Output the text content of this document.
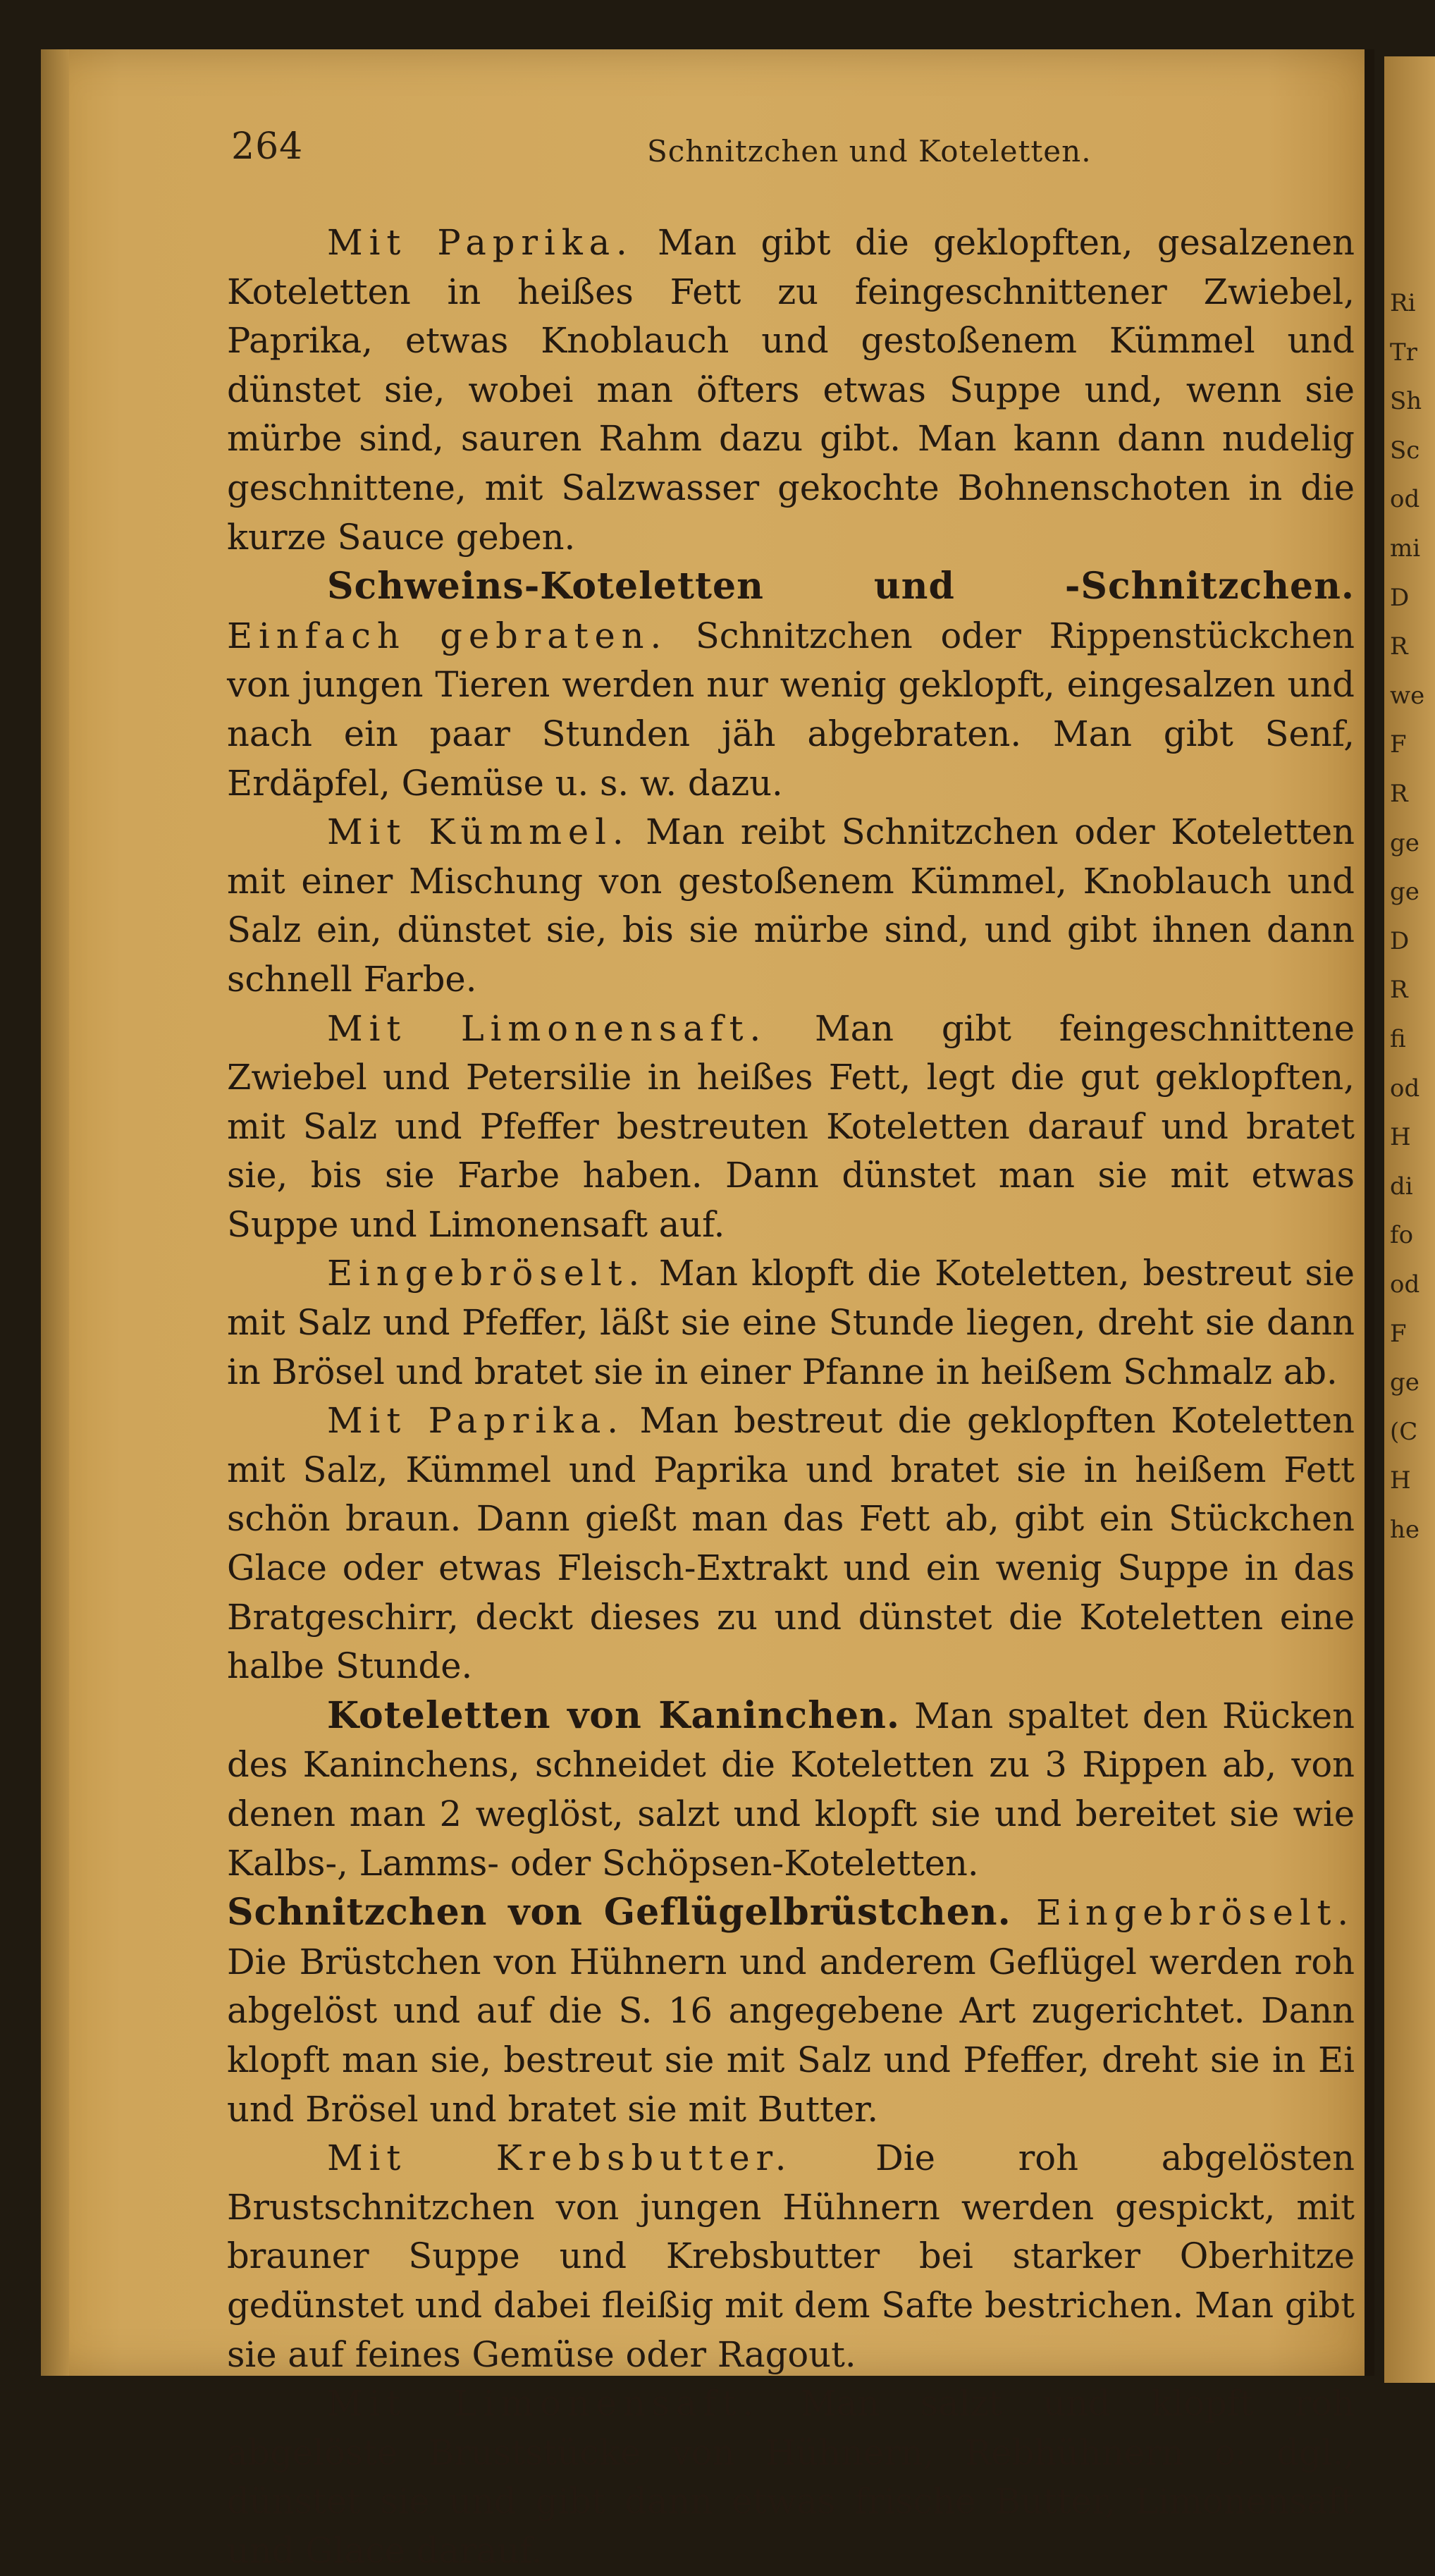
Ri
Tr
Sh
Sc
od
mi
D
R
we
F
R
ge
ge
D
R
fi
od
H
di
fo
od
F
ge
(C
H
he
264	Schnitzchen und Koteletten.

Mit Paprika. Man gibt die geklopften, gesalzenen Koteletten in heißes Fett zu feingeschnittener Zwiebel, Paprika, etwas Knoblauch und gestoßenem Kümmel und dünstet sie, wobei man öfters etwas Suppe und, wenn sie mürbe sind, sauren Rahm dazu gibt. Man kann dann nudelig geschnittene, mit Salzwasser gekochte Bohnenschoten in die kurze Sauce geben.

Schweins-Koteletten und -Schnitzchen. Einfach gebraten. Schnitzchen oder Rippenstückchen von jungen Tieren werden nur wenig geklopft, eingesalzen und nach ein paar Stunden jäh abgebraten. Man gibt Senf, Erdäpfel, Gemüse u. s. w. dazu.

Mit Kümmel. Man reibt Schnitzchen oder Koteletten mit einer Mischung von gestoßenem Kümmel, Knoblauch und Salz ein, dünstet sie, bis sie mürbe sind, und gibt ihnen dann schnell Farbe.

Mit Limonensaft. Man gibt feingeschnittene Zwiebel und Petersilie in heißes Fett, legt die gut geklopften, mit Salz und Pfeffer bestreuten Koteletten darauf und bratet sie, bis sie Farbe haben. Dann dünstet man sie mit etwas Suppe und Limonensaft auf.

Eingebröselt. Man klopft die Koteletten, bestreut sie mit Salz und Pfeffer, läßt sie eine Stunde liegen, dreht sie dann in Brösel und bratet sie in einer Pfanne in heißem Schmalz ab.

Mit Paprika. Man bestreut die geklopften Koteletten mit Salz, Kümmel und Paprika und bratet sie in heißem Fett schön braun. Dann gießt man das Fett ab, gibt ein Stückchen Glace oder etwas Fleisch-Extrakt und ein wenig Suppe in das Bratgeschirr, deckt dieses zu und dünstet die Koteletten eine halbe Stunde.

Koteletten von Kaninchen. Man spaltet den Rücken des Kaninchens, schneidet die Koteletten zu 3 Rippen ab, von denen man 2 weglöst, salzt und klopft sie und bereitet sie wie Kalbs-, Lamms- oder Schöpsen-Koteletten.

Schnitzchen von Geflügelbrüstchen. Eingebröselt. Die Brüstchen von Hühnern und anderem Geflügel werden roh abgelöst und auf die S. 16 angegebene Art zugerichtet. Dann klopft man sie, bestreut sie mit Salz und Pfeffer, dreht sie in Ei und Brösel und bratet sie mit Butter.

Mit Krebsbutter. Die roh abgelösten Brustschnitzchen von jungen Hühnern werden gespickt, mit brauner Suppe und Krebsbutter bei starker Oberhitze gedünstet und dabei fleißig mit dem Safte bestrichen. Man gibt sie auf feines Gemüse oder Ragout.

Mit Limonensaft. Man salzt und klopft roh abgelöste Bruststücke von Hühnern, Rebhühnern o. dgl., dünstet sie und gibt dann etwas frische Butter, Limonensaft und Glace darauf.
